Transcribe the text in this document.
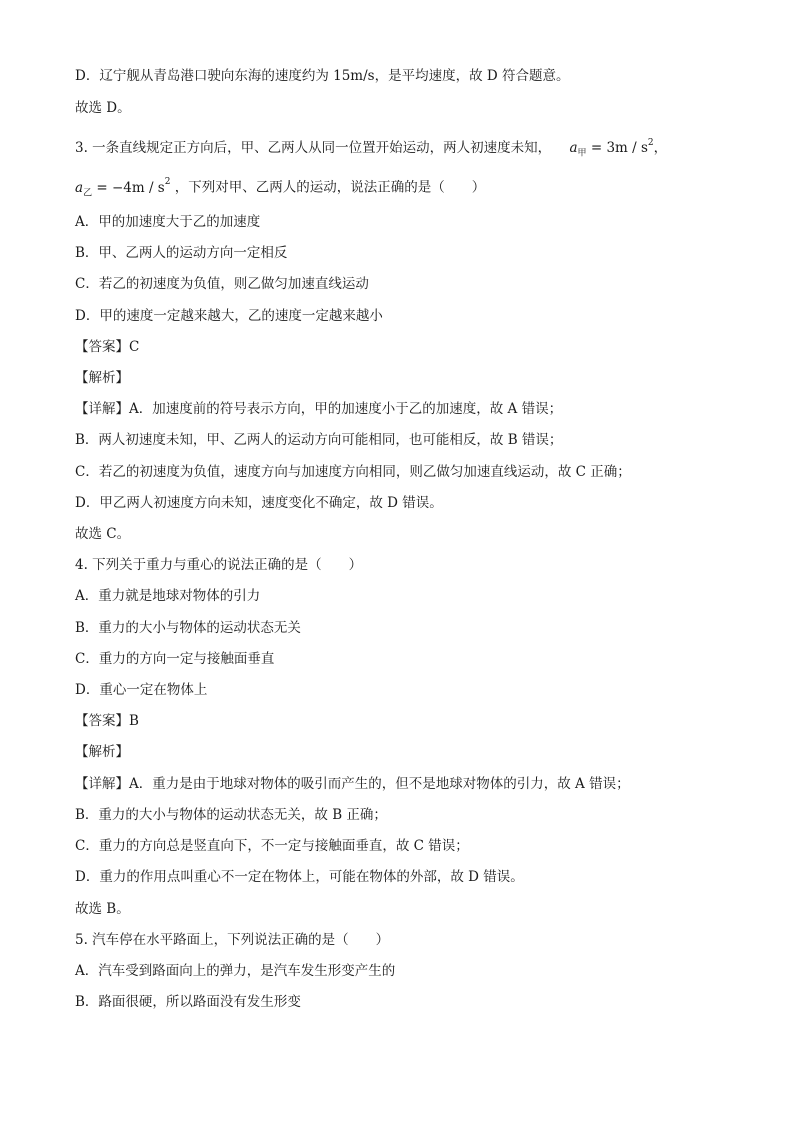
D．辽宁舰从青岛港口驶向东海的速度约为 15m/s，是平均速度，故 D 符合题意。
故选 D。
3. 一条直线规定正方向后，甲、乙两人从同一位置开始运动，两人初速度未知， $a_甲 = 3m / s^2$，
$a_乙 = -4m / s^2$ ，下列对甲、乙两人的运动，说法正确的是（　　）
A．甲的加速度大于乙的加速度
B．甲、乙两人的运动方向一定相反
C．若乙的初速度为负值，则乙做匀加速直线运动
D．甲的速度一定越来越大，乙的速度一定越来越小
【答案】C
【解析】
【详解】A．加速度前的符号表示方向，甲的加速度小于乙的加速度，故 A 错误；
B．两人初速度未知，甲、乙两人的运动方向可能相同，也可能相反，故 B 错误；
C．若乙的初速度为负值，速度方向与加速度方向相同，则乙做匀加速直线运动，故 C 正确；
D．甲乙两人初速度方向未知，速度变化不确定，故 D 错误。
故选 C。
4. 下列关于重力与重心的说法正确的是（　　）
A．重力就是地球对物体的引力
B．重力的大小与物体的运动状态无关
C．重力的方向一定与接触面垂直
D．重心一定在物体上
【答案】B
【解析】
【详解】A．重力是由于地球对物体的吸引而产生的，但不是地球对物体的引力，故 A 错误；
B．重力的大小与物体的运动状态无关，故 B 正确；
C．重力的方向总是竖直向下，不一定与接触面垂直，故 C 错误；
D．重力的作用点叫重心不一定在物体上，可能在物体的外部，故 D 错误。
故选 B。
5. 汽车停在水平路面上，下列说法正确的是（　　）
A．汽车受到路面向上的弹力，是汽车发生形变产生的
B．路面很硬，所以路面没有发生形变
